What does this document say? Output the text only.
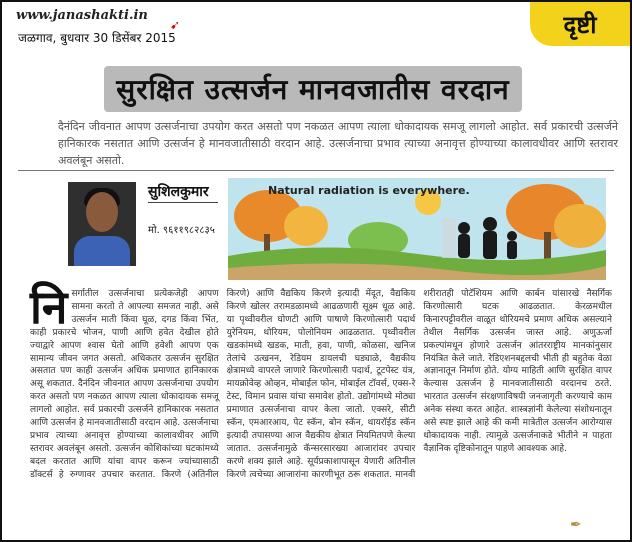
www.janashakti.in
➹
जळगाव, बुधवार 30 डिसेंबर 2015	दृष्टी
सुरक्षित उत्सर्जन मानवजातीस वरदान
दैनंदिन जीवनात आपण उत्सर्जनाचा उपयोग करत असतो पण नकळत आपण त्याला धोकादायक समजू लागलो आहोत. सर्व प्रकारची उत्सर्जने हानिकारक नसतात आणि उत्सर्जन हे मानवजातीसाठी वरदान आहे. उत्सर्जनाचा प्रभाव त्याच्या अनावृत्त होण्याच्या कालावधीवर आणि स्तरावर अवलंबून असतो.
सुशिलकुमार
मो. ९६११९८२८३५
Natural radiation is everywhere.
निसर्गातील उत्सर्जनाचा प्रत्येकजेही आपण सामना करतो ते आपल्या समजत नाही. असे उत्सर्जन माती किंवा घूळ, दगड किंवा भिंत, काही प्रकारचे भोजन, पाणी आणि हवेत देखील होते ज्याद्वारे आपण श्वास घेतो आणि हवेशी आपण एक सामान्य जीवन जगत असतो. अधिकतर उत्सर्जन सुरक्षित असतात पण काही उत्सर्जन अधिक प्रमाणात हानिकारक असू शकतात. दैनंदिन जीवनात आपण उत्सर्जनाचा उपयोग करत असतो पण नकळत आपण त्याला धोकादायक समजू लागलो आहोत. सर्व प्रकारची उत्सर्जने हानिकारक नसतात आणि उत्सर्जन हे मानवजातीसाठी वरदान आहे. उत्सर्जनाचा प्रभाव त्याच्या अनावृत्त होण्याच्या कालावधीवर आणि स्तरावर अवलंबून असतो. उत्सर्जन कोशिकांच्या घटकांमध्ये बदल करतात आणि यांचा वापर करून ज्यांच्यासाठी डॉक्टर्स हे रुग्णावर उपचार करतात. किरणे (अतिनील किरणे) आणि वैद्यकिय किरणे इत्यादी मेंदूत, वैद्यकिय किरणे खोलर तरामडळामध्ये आढळणारी सूक्ष्म धूळ आहे. या पृथ्वीवरील घोणटी आणि पाषाणे किरणोत्सारी पदार्थ युरेनियम, थोरियम, पोलोनियम आढळतात. पृथ्वीवरील खडकांमध्ये खडक, माती, हवा, पाणी, कोळसा, खनिज तेलांचे उत्खनन, रेडियम डायलची घड्याळे, वैद्यकीय क्षेत्रामध्ये वापरले जाणारे किरणोत्सारी पदार्थ, टूटपेस्ट यंत्र, मायक्रोवेव्ह ओव्हन, मोबाईल फोन, मोबाईल टॉवर्स, एक्स-रे टेस्ट, विमान प्रवास यांचा समावेश होतो. उद्योगांमध्ये मोठ्या प्रमाणात उत्सर्जनाचा वापर केला जातो. एक्सरे, सीटी स्कॅन, एमआरआय, पेट स्कॅन, बोन स्कॅन, थायरॉईड स्कॅन इत्यादी तपासण्या आज वैद्यकीय क्षेत्रात नियमितपणे केल्या जातात. उत्सर्जनामुळे कॅन्सरसारख्या आजारांवर उपचार करणे शक्य झाले आहे. सूर्यप्रकाशापासून येणारी अतिनील किरणे त्वचेच्या आजारांना कारणीभूत ठरू शकतात. मानवी शरीरातही पोटॅशियम आणि कार्बन यांसारखे नैसर्गिक किरणोत्सारी घटक आढळतात. केरळमधील किनारपट्टीवरील वाळूत थोरियमचे प्रमाण अधिक असल्याने तेथील नैसर्गिक उत्सर्जन जास्त आहे. अणुऊर्जा प्रकल्पांमधून होणारे उत्सर्जन आंतरराष्ट्रीय मानकांनुसार नियंत्रित केले जाते. रेडिएशनबद्दलची भीती ही बहुतेक वेळा अज्ञानातून निर्माण होते. योग्य माहिती आणि सुरक्षित वापर केल्यास उत्सर्जन हे मानवजातीसाठी वरदानच ठरते. भारतात उत्सर्जन संरक्षणाविषयी जनजागृती करण्याचे काम अनेक संस्था करत आहेत. शास्त्रज्ञांनी केलेल्या संशोधनातून असे स्पष्ट झाले आहे की कमी मात्रेतील उत्सर्जन आरोग्यास धोकादायक नाही. त्यामुळे उत्सर्जनाकडे भीतीने न पाहता वैज्ञानिक दृष्टिकोनातून पाहणे आवश्यक आहे.
✒
